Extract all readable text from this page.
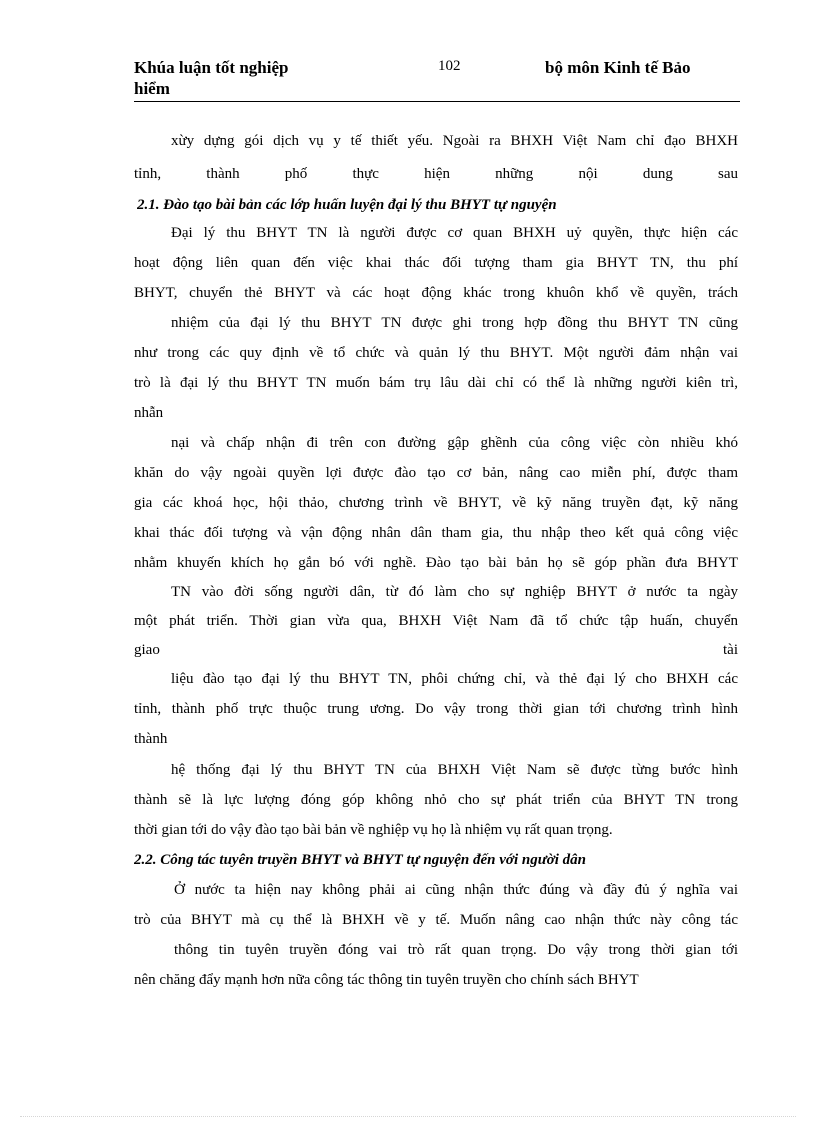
Khúa luận tốt nghiệp
hiểm
102	bộ môn Kinh tế Bảo
xừy dựng gói dịch vụ y tế thiết yếu. Ngoài ra BHXH Việt Nam chỉ đạo BHXH
tỉnh, thành phố thực hiện những nội dung sau
2.1. Đào tạo bài bản các lớp huấn luyện đại lý thu BHYT tự nguyện
Đại lý thu BHYT TN là người được cơ quan BHXH uỷ quyền, thực hiện các
hoạt động liên quan đến việc khai thác đối tượng tham gia BHYT TN, thu phí
BHYT, chuyển thẻ BHYT và các hoạt động khác trong khuôn khổ về quyền, trách
nhiệm của đại lý thu BHYT TN được ghi trong hợp đồng thu BHYT TN cũng
như trong các quy định về tổ chức và quản lý thu BHYT. Một người đảm nhận vai
trò là đại lý thu BHYT TN muốn bám trụ lâu dài chỉ có thể là những người kiên trì,
nhẫn
nại và chấp nhận đi trên con đường gập ghềnh của công việc còn nhiều khó
khăn do vậy ngoài quyền lợi được đào tạo cơ bản, nâng cao miễn phí, được tham
gia các khoá học, hội thảo, chương trình về BHYT, về kỹ năng truyền đạt, kỹ năng
khai thác đối tượng và vận động nhân dân tham gia, thu nhập theo kết quả công việc
nhằm khuyến khích họ gắn bó với nghề. Đào tạo bài bản họ sẽ góp phần đưa BHYT
TN vào đời sống người dân, từ đó làm cho sự nghiệp BHYT ở nước ta ngày
một phát triển. Thời gian vừa qua, BHXH Việt Nam đã tổ chức tập huấn, chuyển
giao tài
liệu đào tạo đại lý thu BHYT TN, phôi chứng chỉ, và thẻ đại lý cho BHXH các
tỉnh, thành phố trực thuộc trung ương. Do vậy trong thời gian tới chương trình hình
thành
hệ thống đại lý thu BHYT TN của BHXH Việt Nam sẽ được từng bước hình
thành sẽ là lực lượng đóng góp không nhỏ cho sự phát triển của BHYT TN trong
thời gian tới do vậy đào tạo bài bản về nghiệp vụ họ là nhiệm vụ rất quan trọng.
2.2. Công tác tuyên truyền BHYT và BHYT tự nguyện đến với người dân
Ở nước ta hiện nay không phải ai cũng nhận thức đúng và đầy đủ ý nghĩa vai
trò của BHYT mà cụ thể là BHXH về y tế. Muốn nâng cao nhận thức này công tác
thông tin tuyên truyền đóng vai trò rất quan trọng. Do vậy trong thời gian tới
nên chăng đẩy mạnh hơn nữa công tác thông tin tuyên truyền cho chính sách BHYT
